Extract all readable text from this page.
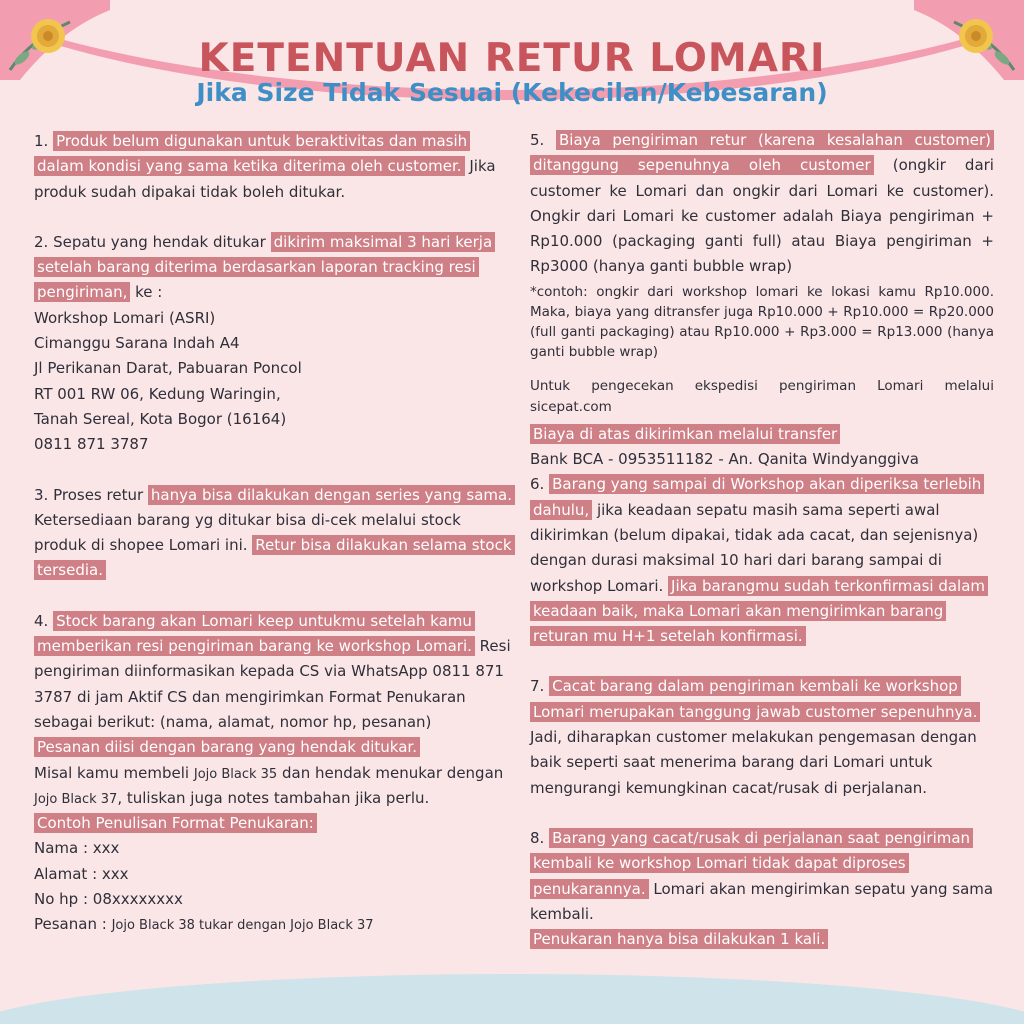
KETENTUAN RETUR LOMARI
Jika Size Tidak Sesuai (Kekecilan/Kebesaran)

1. Produk belum digunakan untuk beraktivitas dan masih dalam kondisi yang sama ketika diterima oleh customer. Jika produk sudah dipakai tidak boleh ditukar.

2. Sepatu yang hendak ditukar dikirim maksimal 3 hari kerja setelah barang diterima berdasarkan laporan tracking resi pengiriman, ke :

Workshop Lomari (ASRI)

Cimanggu Sarana Indah A4

Jl Perikanan Darat, Pabuaran Poncol

RT 001 RW 06, Kedung Waringin,

Tanah Sereal, Kota Bogor (16164)

0811 871 3787

3. Proses retur hanya bisa dilakukan dengan series yang sama. Ketersediaan barang yg ditukar bisa di-cek melalui stock produk di shopee Lomari ini. Retur bisa dilakukan selama stock tersedia.

4. Stock barang akan Lomari keep untukmu setelah kamu memberikan resi pengiriman barang ke workshop Lomari. Resi pengiriman diinformasikan kepada CS via WhatsApp 0811 871 3787 di jam Aktif CS dan mengirimkan Format Penukaran sebagai berikut: (nama, alamat, nomor hp, pesanan)

Pesanan diisi dengan barang yang hendak ditukar.

Misal kamu membeli Jojo Black 35 dan hendak menukar dengan Jojo Black 37, tuliskan juga notes tambahan jika perlu.

Contoh Penulisan Format Penukaran:

Nama : xxx

Alamat : xxx

No hp : 08xxxxxxxx

Pesanan : Jojo Black 38 tukar dengan Jojo Black 37

5. Biaya pengiriman retur (karena kesalahan customer) ditanggung sepenuhnya oleh customer (ongkir dari customer ke Lomari dan ongkir dari Lomari ke customer). Ongkir dari Lomari ke customer adalah Biaya pengiriman + Rp10.000 (packaging ganti full) atau Biaya pengiriman + Rp3000 (hanya ganti bubble wrap)

*contoh: ongkir dari workshop lomari ke lokasi kamu Rp10.000. Maka, biaya yang ditransfer juga Rp10.000 + Rp10.000 = Rp20.000 (full ganti packaging) atau Rp10.000 + Rp3.000 = Rp13.000 (hanya ganti bubble wrap)

Untuk pengecekan ekspedisi pengiriman Lomari melalui sicepat.com

Biaya di atas dikirimkan melalui transfer

Bank BCA - 0953511182 - An. Qanita Windyanggiva

6. Barang yang sampai di Workshop akan diperiksa terlebih dahulu, jika keadaan sepatu masih sama seperti awal dikirimkan (belum dipakai, tidak ada cacat, dan sejenisnya) dengan durasi maksimal 10 hari dari barang sampai di workshop Lomari. Jika barangmu sudah terkonfirmasi dalam keadaan baik, maka Lomari akan mengirimkan barang returan mu H+1 setelah konfirmasi.

7. Cacat barang dalam pengiriman kembali ke workshop Lomari merupakan tanggung jawab customer sepenuhnya. Jadi, diharapkan customer melakukan pengemasan dengan baik seperti saat menerima barang dari Lomari untuk mengurangi kemungkinan cacat/rusak di perjalanan.

8. Barang yang cacat/rusak di perjalanan saat pengiriman kembali ke workshop Lomari tidak dapat diproses penukarannya. Lomari akan mengirimkan sepatu yang sama kembali.

Penukaran hanya bisa dilakukan 1 kali.
